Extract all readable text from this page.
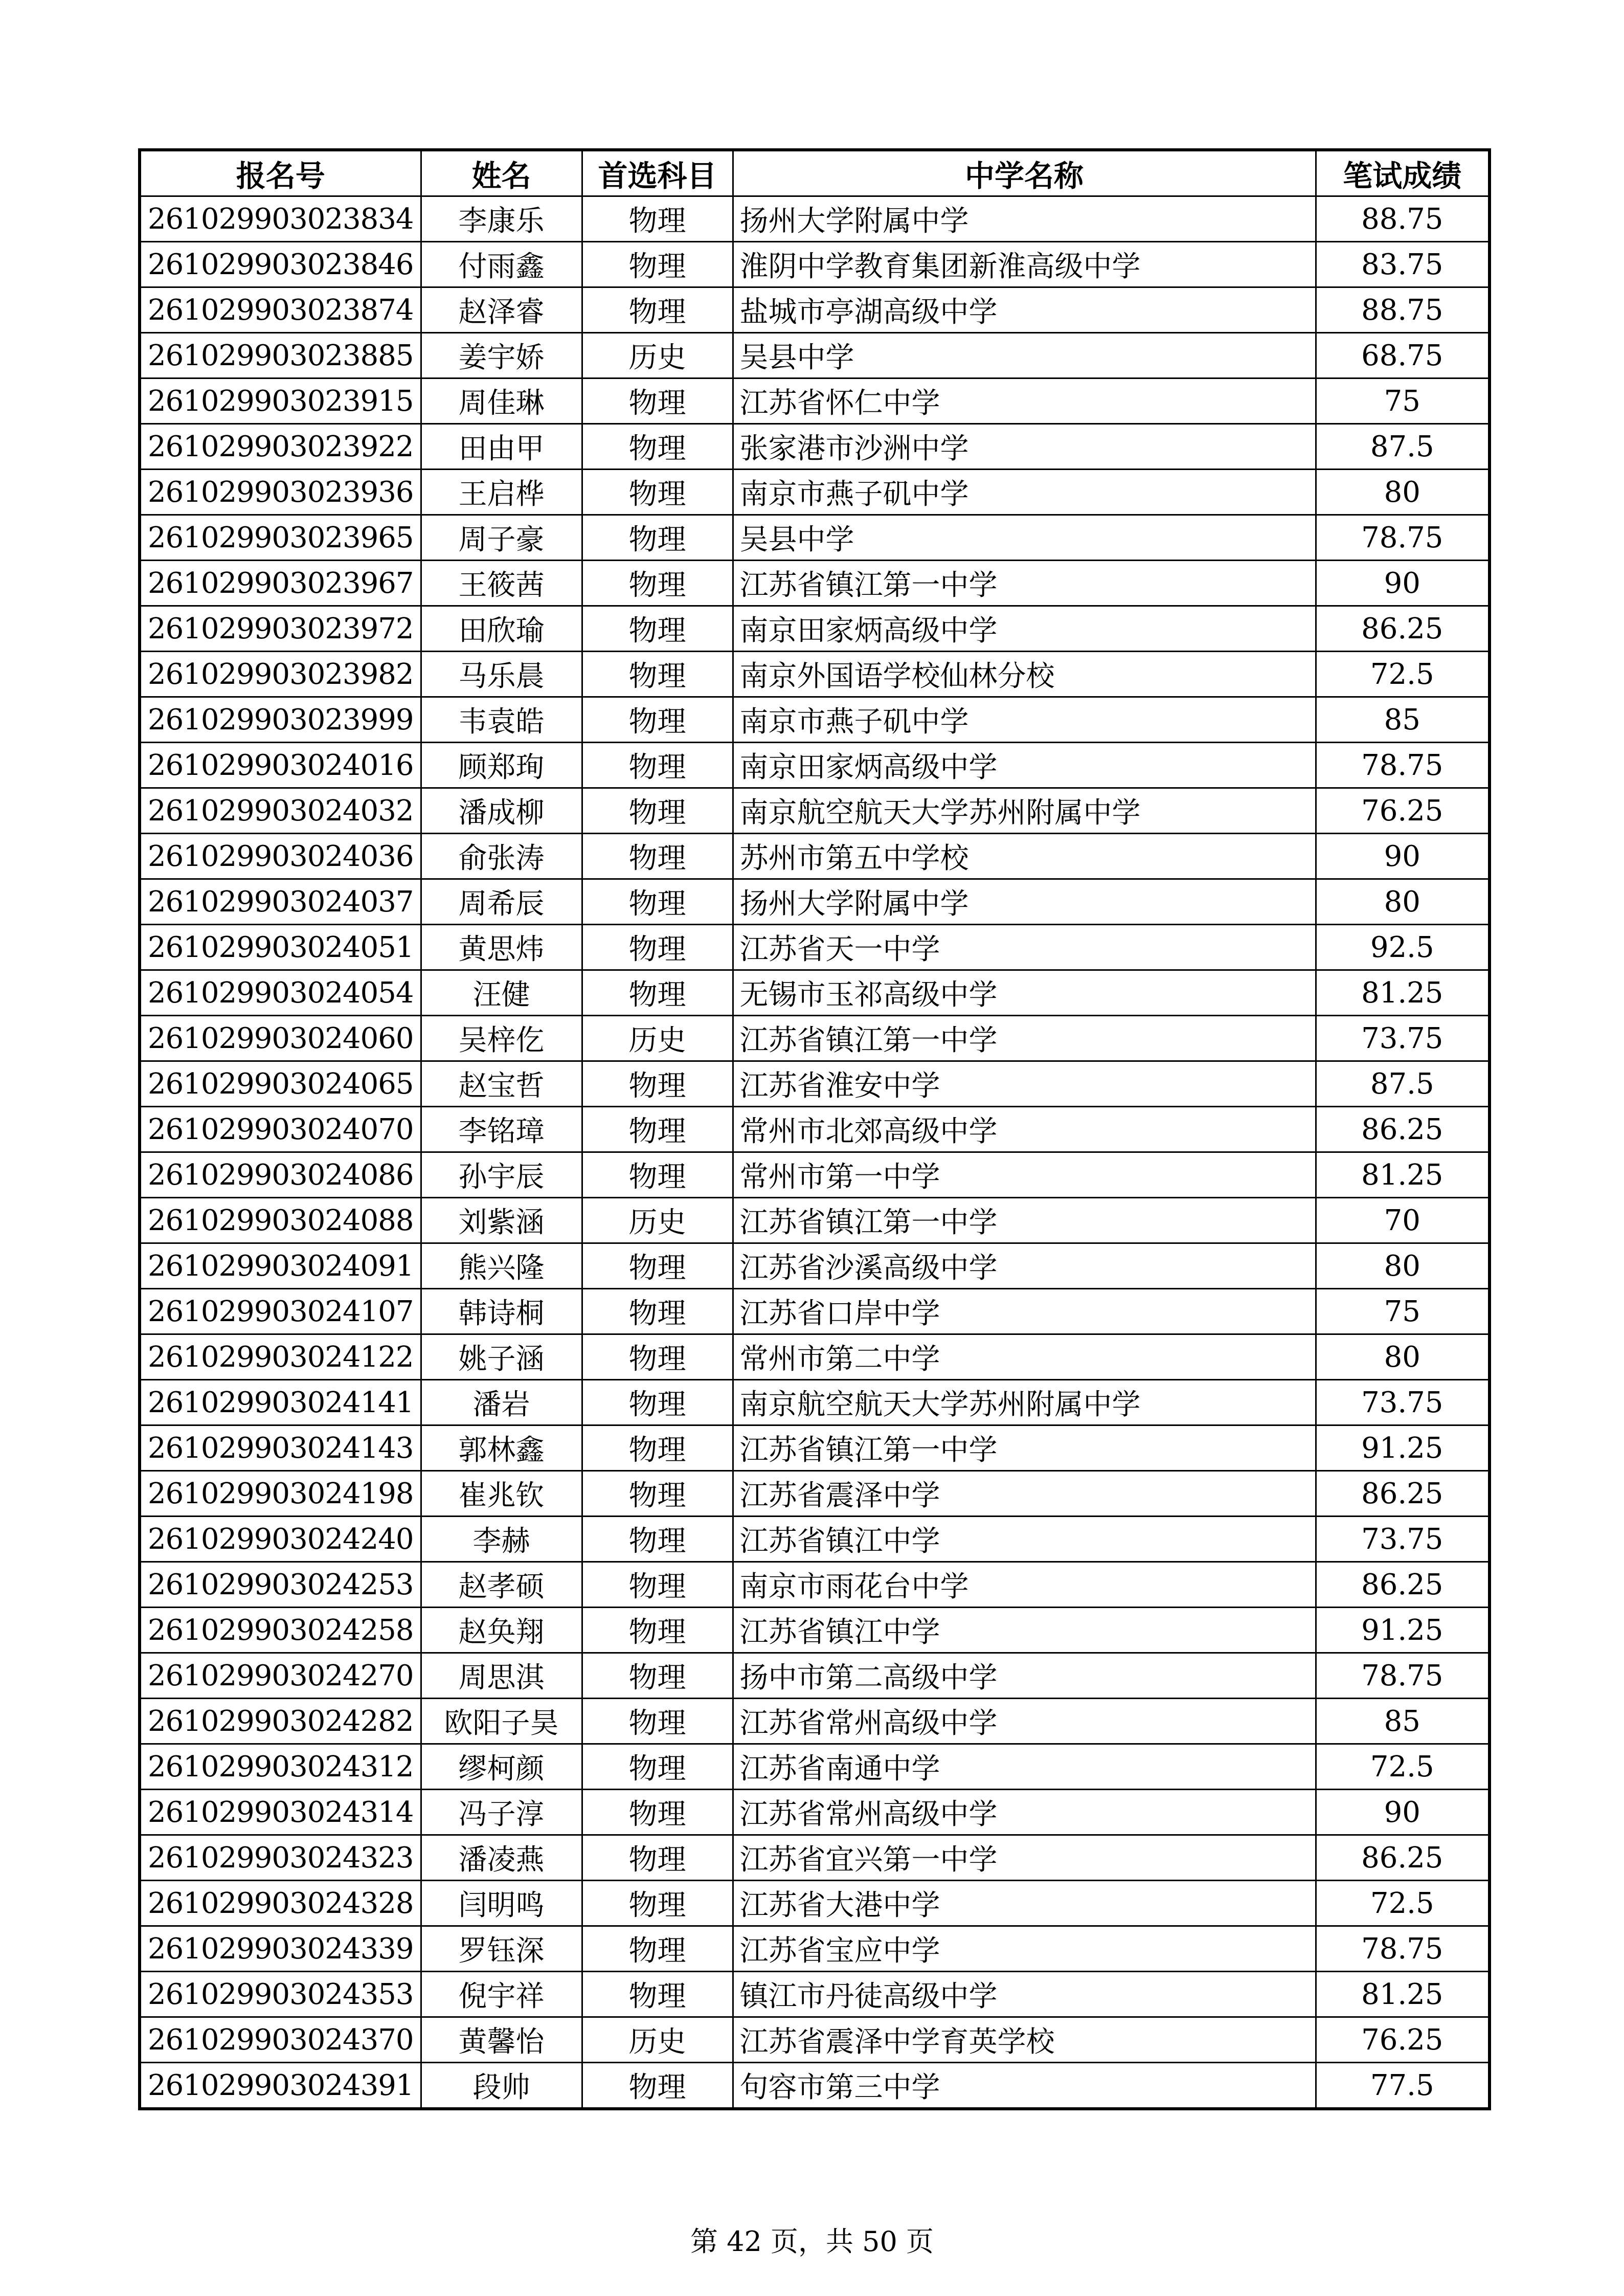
报名号	姓名	首选科目	中学名称	笔试成绩
261029903023834	李康乐	物理	扬州大学附属中学	88.75
261029903023846	付雨鑫	物理	淮阴中学教育集团新淮高级中学	83.75
261029903023874	赵泽睿	物理	盐城市亭湖高级中学	88.75
261029903023885	姜宇娇	历史	吴县中学	68.75
261029903023915	周佳琳	物理	江苏省怀仁中学	75
261029903023922	田由甲	物理	张家港市沙洲中学	87.5
261029903023936	王启桦	物理	南京市燕子矶中学	80
261029903023965	周子豪	物理	吴县中学	78.75
261029903023967	王筱茜	物理	江苏省镇江第一中学	90
261029903023972	田欣瑜	物理	南京田家炳高级中学	86.25
261029903023982	马乐晨	物理	南京外国语学校仙林分校	72.5
261029903023999	韦袁皓	物理	南京市燕子矶中学	85
261029903024016	顾郑珣	物理	南京田家炳高级中学	78.75
261029903024032	潘成柳	物理	南京航空航天大学苏州附属中学	76.25
261029903024036	俞张涛	物理	苏州市第五中学校	90
261029903024037	周希辰	物理	扬州大学附属中学	80
261029903024051	黄思炜	物理	江苏省天一中学	92.5
261029903024054	汪健	物理	无锡市玉祁高级中学	81.25
261029903024060	吴梓仡	历史	江苏省镇江第一中学	73.75
261029903024065	赵宝哲	物理	江苏省淮安中学	87.5
261029903024070	李铭璋	物理	常州市北郊高级中学	86.25
261029903024086	孙宇辰	物理	常州市第一中学	81.25
261029903024088	刘紫涵	历史	江苏省镇江第一中学	70
261029903024091	熊兴隆	物理	江苏省沙溪高级中学	80
261029903024107	韩诗桐	物理	江苏省口岸中学	75
261029903024122	姚子涵	物理	常州市第二中学	80
261029903024141	潘岩	物理	南京航空航天大学苏州附属中学	73.75
261029903024143	郭林鑫	物理	江苏省镇江第一中学	91.25
261029903024198	崔兆钦	物理	江苏省震泽中学	86.25
261029903024240	李赫	物理	江苏省镇江中学	73.75
261029903024253	赵孝硕	物理	南京市雨花台中学	86.25
261029903024258	赵奂翔	物理	江苏省镇江中学	91.25
261029903024270	周思淇	物理	扬中市第二高级中学	78.75
261029903024282	欧阳子昊	物理	江苏省常州高级中学	85
261029903024312	缪柯颜	物理	江苏省南通中学	72.5
261029903024314	冯子淳	物理	江苏省常州高级中学	90
261029903024323	潘凌燕	物理	江苏省宜兴第一中学	86.25
261029903024328	闫明鸣	物理	江苏省大港中学	72.5
261029903024339	罗钰深	物理	江苏省宝应中学	78.75
261029903024353	倪宇祥	物理	镇江市丹徒高级中学	81.25
261029903024370	黄馨怡	历史	江苏省震泽中学育英学校	76.25
261029903024391	段帅	物理	句容市第三中学	77.5
第 42 页，共 50 页
